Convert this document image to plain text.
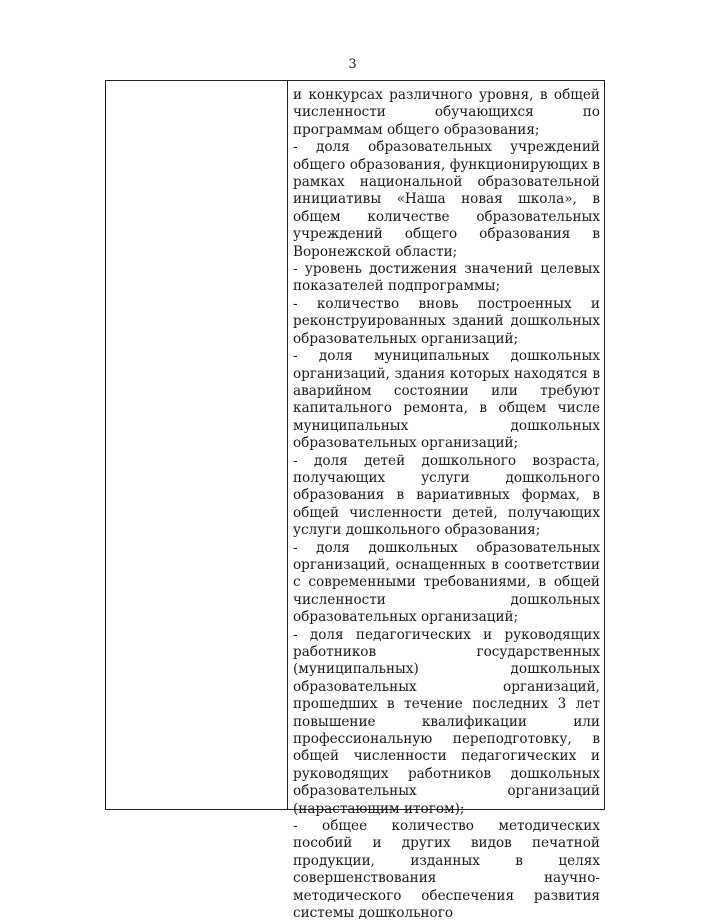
3

и конкурсах различного уровня, в общей численности обучающихся по программам общего образования;

- доля образовательных учреждений общего образования, функционирующих в рамках национальной образовательной инициативы «Наша новая школа», в общем количестве образовательных учреждений общего образования в Воронежской области;

- уровень достижения значений целевых показателей подпрограммы;

- количество вновь построенных и реконструированных зданий дошкольных образовательных организаций;

- доля муниципальных дошкольных организаций, здания которых находятся в аварийном состоянии или требуют капитального ремонта, в общем числе муниципальных дошкольных образовательных организаций;

- доля детей дошкольного возраста, получающих услуги дошкольного образования в вариативных формах, в общей численности детей, получающих услуги дошкольного образования;

- доля дошкольных образовательных организаций, оснащенных в соответствии с современными требованиями, в общей численности дошкольных образовательных организаций;

- доля педагогических и руководящих работников государственных (муниципальных) дошкольных образовательных организаций, прошедших в течение последних 3 лет повышение квалификации или профессиональную переподготовку, в общей численности педагогических и руководящих работников дошкольных образовательных организаций (нарастающим итогом);

- общее количество методических пособий и других видов печатной продукции, изданных в целях совершенствования научно-методического обеспечения развития системы дошкольного
